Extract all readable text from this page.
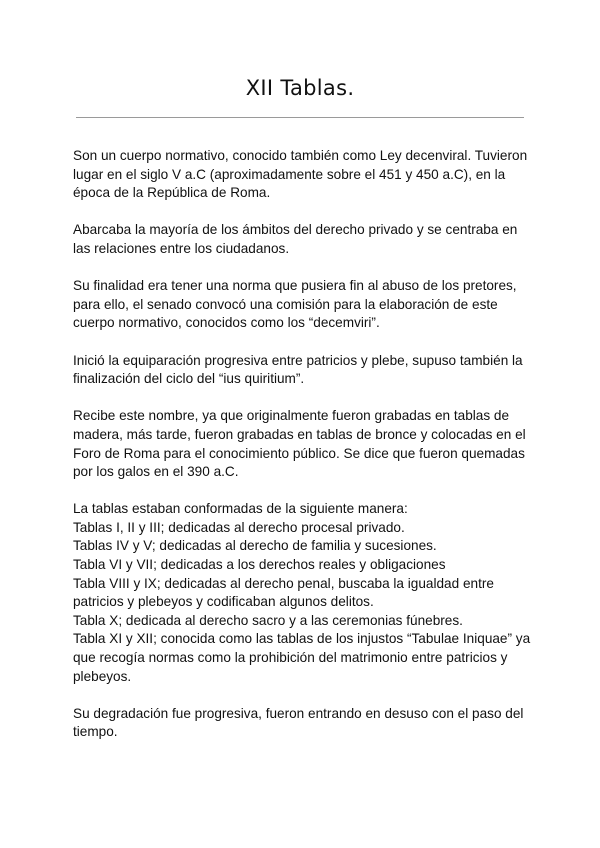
XII Tablas.

Son un cuerpo normativo, conocido también como Ley decenviral. Tuvieron lugar en el siglo V a.C (aproximadamente sobre el 451 y 450 a.C), en la época de la República de Roma.

Abarcaba la mayoría de los ámbitos del derecho privado y se centraba en las relaciones entre los ciudadanos.

Su finalidad era tener una norma que pusiera fin al abuso de los pretores, para ello, el senado convocó una comisión para la elaboración de este cuerpo normativo, conocidos como los “decemviri”.

Inició la equiparación progresiva entre patricios y plebe, supuso también la finalización del ciclo del “ius quiritium”.

Recibe este nombre, ya que originalmente fueron grabadas en tablas de madera, más tarde, fueron grabadas en tablas de bronce y colocadas en el Foro de Roma para el conocimiento público. Se dice que fueron quemadas por los galos en el 390 a.C.

La tablas estaban conformadas de la siguiente manera:
Tablas I, II y III; dedicadas al derecho procesal privado.
Tablas IV y V; dedicadas al derecho de familia y sucesiones.
Tabla VI y VII; dedicadas a los derechos reales y obligaciones
Tabla VIII y IX; dedicadas al derecho penal, buscaba la igualdad entre patricios y plebeyos y codificaban algunos delitos.
Tabla X; dedicada al derecho sacro y a las ceremonias fúnebres.
Tabla XI y XII; conocida como las tablas de los injustos “Tabulae Iniquae” ya que recogía normas como la prohibición del matrimonio entre patricios y plebeyos.

Su degradación fue progresiva, fueron entrando en desuso con el paso del tiempo.
